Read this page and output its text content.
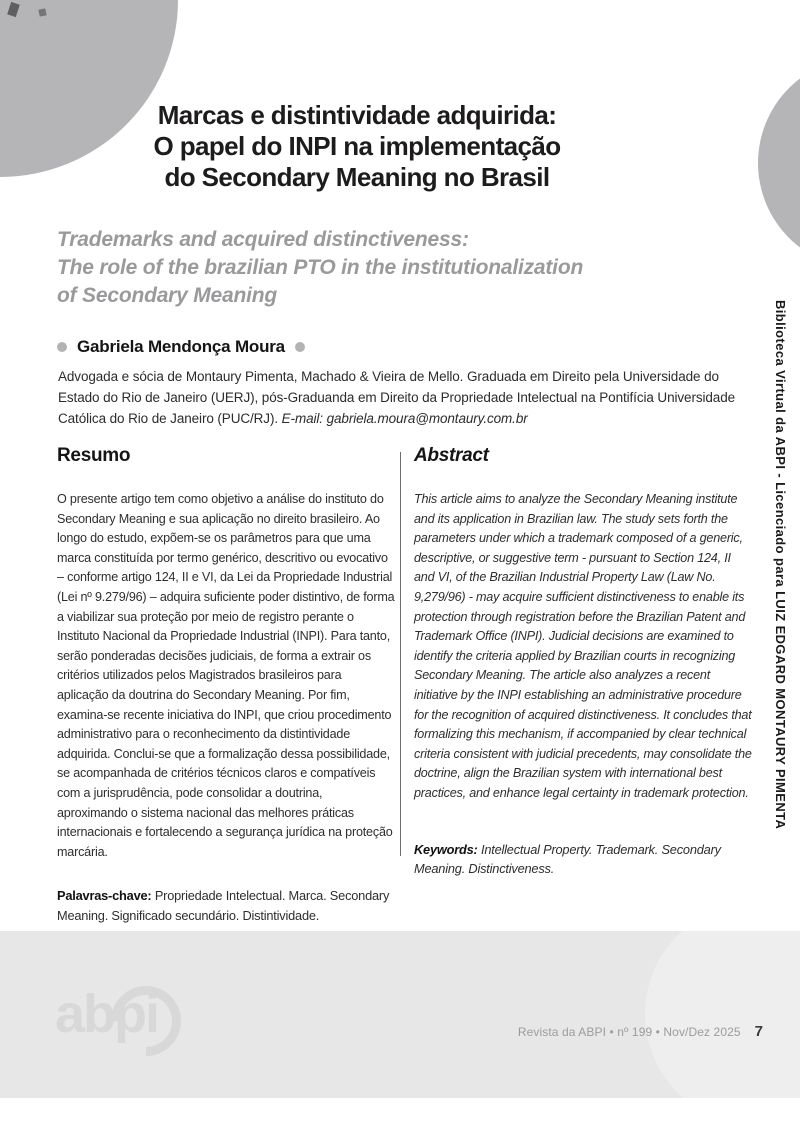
Marcas e distintividade adquirida:
O papel do INPI na implementação
do Secondary Meaning no Brasil
Trademarks and acquired distinctiveness:
The role of the brazilian PTO in the institutionalization
of Secondary Meaning
Gabriela Mendonça Moura
Advogada e sócia de Montaury Pimenta, Machado & Vieira de Mello. Graduada em Direito pela Universidade do Estado do Rio de Janeiro (UERJ), pós-Graduanda em Direito da Propriedade Intelectual na Pontifícia Universidade Católica do Rio de Janeiro (PUC/RJ). E-mail: gabriela.moura@montaury.com.br
Resumo
O presente artigo tem como objetivo a análise do instituto do Secondary Meaning e sua aplicação no direito brasileiro. Ao longo do estudo, expõem-se os parâmetros para que uma marca constituída por termo genérico, descritivo ou evocativo – conforme artigo 124, II e VI, da Lei da Propriedade Industrial (Lei nº 9.279/96) – adquira suficiente poder distintivo, de forma a viabilizar sua proteção por meio de registro perante o Instituto Nacional da Propriedade Industrial (INPI). Para tanto, serão ponderadas decisões judiciais, de forma a extrair os critérios utilizados pelos Magistrados brasileiros para aplicação da doutrina do Secondary Meaning. Por fim, examina-se recente iniciativa do INPI, que criou procedimento administrativo para o reconhecimento da distintividade adquirida. Conclui-se que a formalização dessa possibilidade, se acompanhada de critérios técnicos claros e compatíveis com a jurisprudência, pode consolidar a doutrina, aproximando o sistema nacional das melhores práticas internacionais e fortalecendo a segurança jurídica na proteção marcária.
Palavras-chave: Propriedade Intelectual. Marca. Secondary Meaning. Significado secundário. Distintividade.
Abstract
This article aims to analyze the Secondary Meaning institute and its application in Brazilian law. The study sets forth the parameters under which a trademark composed of a generic, descriptive, or suggestive term - pursuant to Section 124, II and VI, of the Brazilian Industrial Property Law (Law No. 9,279/96) - may acquire sufficient distinctiveness to enable its protection through registration before the Brazilian Patent and Trademark Office (INPI). Judicial decisions are examined to identify the criteria applied by Brazilian courts in recognizing Secondary Meaning. The article also analyzes a recent initiative by the INPI establishing an administrative procedure for the recognition of acquired distinctiveness. It concludes that formalizing this mechanism, if accompanied by clear technical criteria consistent with judicial precedents, may consolidate the doctrine, align the Brazilian system with international best practices, and enhance legal certainty in trademark protection.
Keywords: Intellectual Property. Trademark. Secondary Meaning. Distinctiveness.
Biblioteca Virtual da ABPI - Licenciado para LUIZ EDGARD MONTAURY PIMENTA
abpi	Revista da ABPI • nº 199 • Nov/Dez 2025 7
